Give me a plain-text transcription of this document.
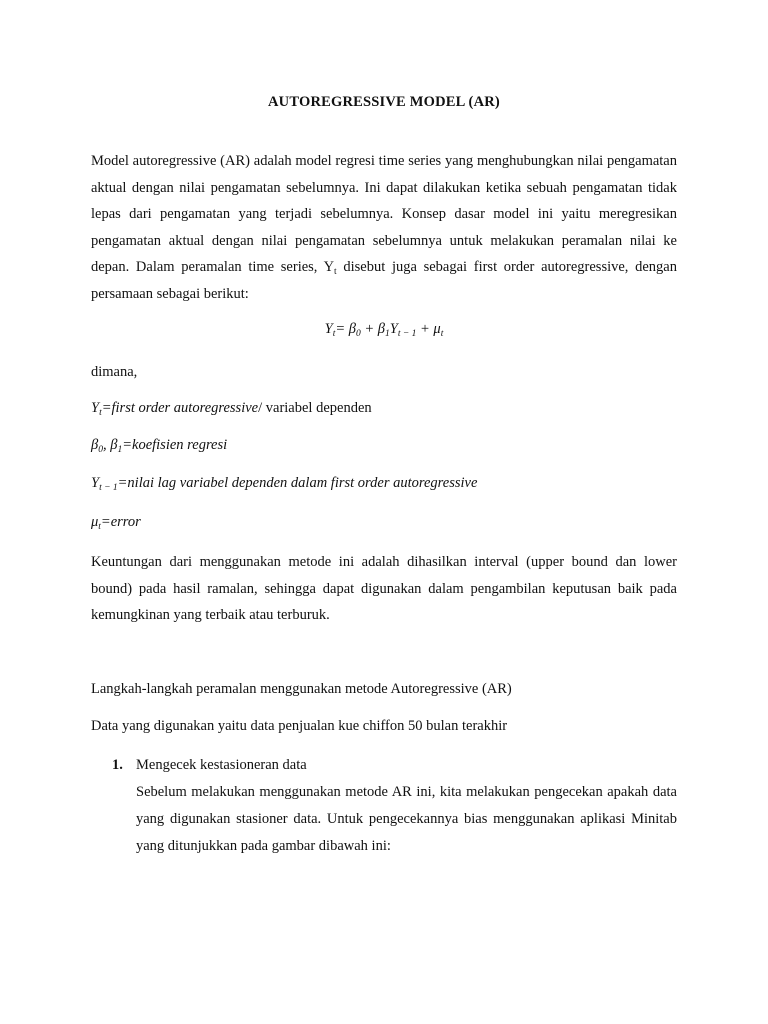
AUTOREGRESSIVE MODEL (AR)

Model autoregressive (AR) adalah model regresi time series yang menghubungkan nilai pengamatan aktual dengan nilai pengamatan sebelumnya. Ini dapat dilakukan ketika sebuah pengamatan tidak lepas dari pengamatan yang terjadi sebelumnya. Konsep dasar model ini yaitu meregresikan pengamatan aktual dengan nilai pengamatan sebelumnya untuk melakukan peramalan nilai ke depan. Dalam peramalan time series, $Y_t$ disebut juga sebagai first order autoregressive, dengan persamaan sebagai berikut:

$Y_t= \beta_0 + \beta_1Y_{t - 1} + \mu_t$
dimana,
$Y_t=first$ order autoregressive/ variabel dependen
$\beta_0$, $\beta_1=koefisien$ regresi
$Y_{t - 1}=nilai$ lag variabel dependen dalam first order autoregressive
$\mu_t=error$

Keuntungan dari menggunakan metode ini adalah dihasilkan interval (upper bound dan lower bound) pada hasil ramalan, sehingga dapat digunakan dalam pengambilan keputusan baik pada kemungkinan yang terbaik atau terburuk.

Langkah-langkah peramalan menggunakan metode Autoregressive (AR)
Data yang digunakan yaitu data penjualan kue chiffon 50 bulan terakhir
1. Mengecek kestasioneran data

Sebelum melakukan menggunakan metode AR ini, kita melakukan pengecekan apakah data yang digunakan stasioner data. Untuk pengecekannya bias menggunakan aplikasi Minitab yang ditunjukkan pada gambar dibawah ini:
